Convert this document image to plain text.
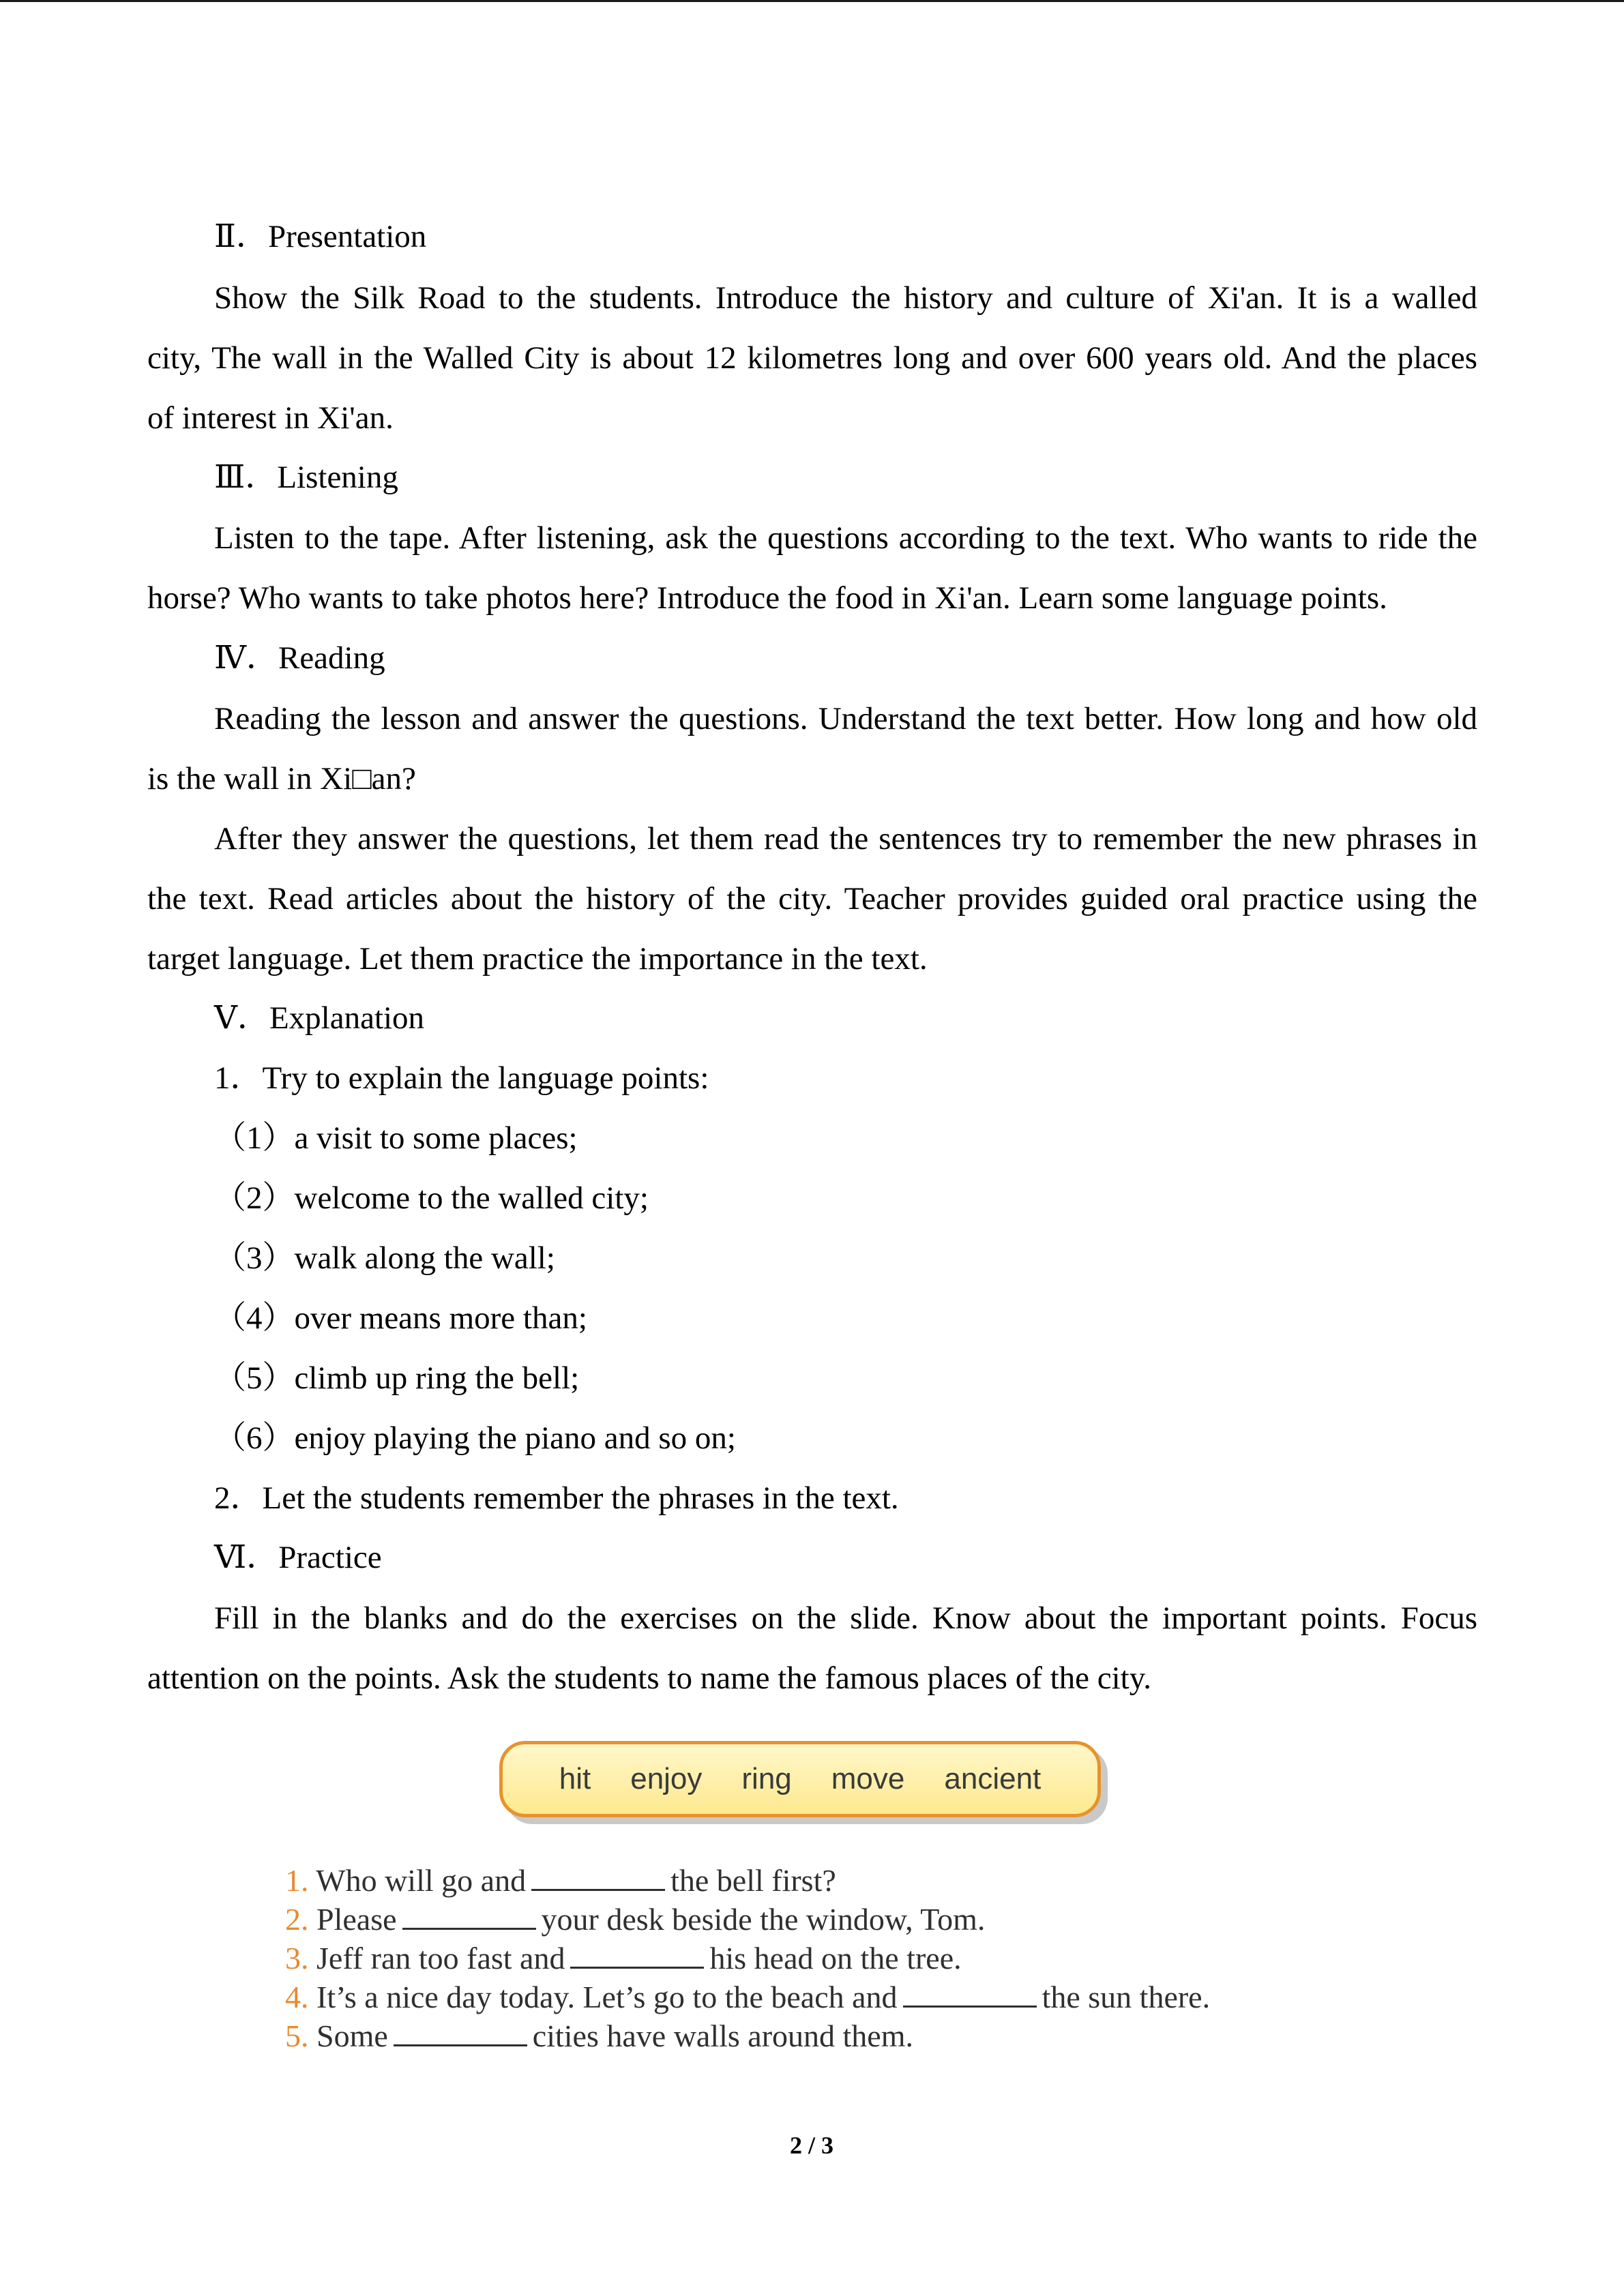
Ⅱ．Presentation
Show the Silk Road to the students. Introduce the history and culture of Xi'an. It is a walled
city, The wall in the Walled City is about 12 kilometres long and over 600 years old. And the places
of interest in Xi'an.
Ⅲ．Listening
Listen to the tape. After listening, ask the questions according to the text. Who wants to ride the
horse? Who wants to take photos here? Introduce the food in Xi'an. Learn some language points.
Ⅳ．Reading
Reading the lesson and answer the questions. Understand the text better. How long and how old
is the wall in Xi□an?
After they answer the questions, let them read the sentences try to remember the new phrases in
the text. Read articles about the history of the city. Teacher provides guided oral practice using the
target language. Let them practice the importance in the text.
Ⅴ．Explanation
1．Try to explain the language points:
（1）a visit to some places;
（2）welcome to the walled city;
（3）walk along the wall;
（4）over means more than;
（5）climb up ring the bell;
（6）enjoy playing the piano and so on;
2．Let the students remember the phrases in the text.
Ⅵ．Practice
Fill in the blanks and do the exercises on the slide. Know about the important points. Focus
attention on the points. Ask the students to name the famous places of the city.
hit enjoy ring move ancient
1. Who will go and	the bell first?
2. Please	your desk beside the window, Tom.
3. Jeff ran too fast and	his head on the tree.
4. It’s a nice day today. Let’s go to the beach and	the sun there.
5. Some	cities have walls around them.
2 / 3
